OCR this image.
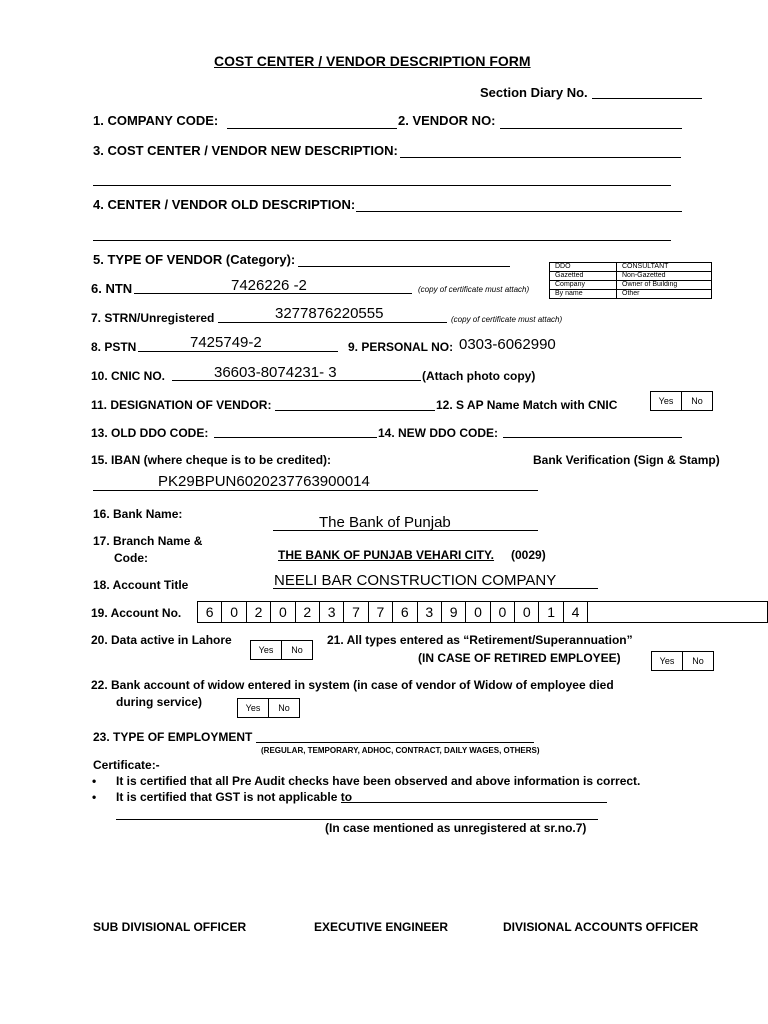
COST CENTER / VENDOR DESCRIPTION FORM
Section Diary No.
1. COMPANY CODE:	2. VENDOR NO:
3. COST CENTER / VENDOR NEW DESCRIPTION:
4. CENTER / VENDOR OLD DESCRIPTION:
5. TYPE OF VENDOR (Category):	DDO	CONSULTANT
Gazetted	Non-Gazetted
Company	Owner of Building
By name	Other
6. NTN	7426226 -2	(copy of certificate must attach)
7. STRN/Unregistered	3277876220555	(copy of certificate must attach)
8. PSTN	7425749-2	9. PERSONAL NO: 0303-6062990
10. CNIC NO.	36603-8074231- 3	(Attach photo copy)
11. DESIGNATION OF VENDOR:	12. S AP Name Match with CNIC	Yes	No
13. OLD DDO CODE:	14. NEW DDO CODE:
15. IBAN (where cheque is to be credited):	Bank Verification (Sign & Stamp)
PK29BPUN6020237763900014
16. Bank Name:	The Bank of Punjab
17. Branch Name &
Code:	THE BANK OF PUNJAB VEHARI CITY. (0029)
18. Account Title	NEELI BAR CONSTRUCTION COMPANY
19. Account No.	6	0	2	0	2	3	7	7	6	3	9	0	0	0	1	4
20. Data active in Lahore
Yes	No
21. All types entered as “Retirement/Superannuation”
(IN CASE OF RETIRED EMPLOYEE)	Yes	No
22. Bank account of widow entered in system (in case of vendor of Widow of employee died
during service)	Yes	No
23. TYPE OF EMPLOYMENT
(REGULAR, TEMPORARY, ADHOC, CONTRACT, DAILY WAGES, OTHERS)
Certificate:-
• It is certified that all Pre Audit checks have been observed and above information is correct.
• It is certified that GST is not applicable to
(In case mentioned as unregistered at sr.no.7)
SUB DIVISIONAL OFFICER	EXECUTIVE ENGINEER	DIVISIONAL ACCOUNTS OFFICER
